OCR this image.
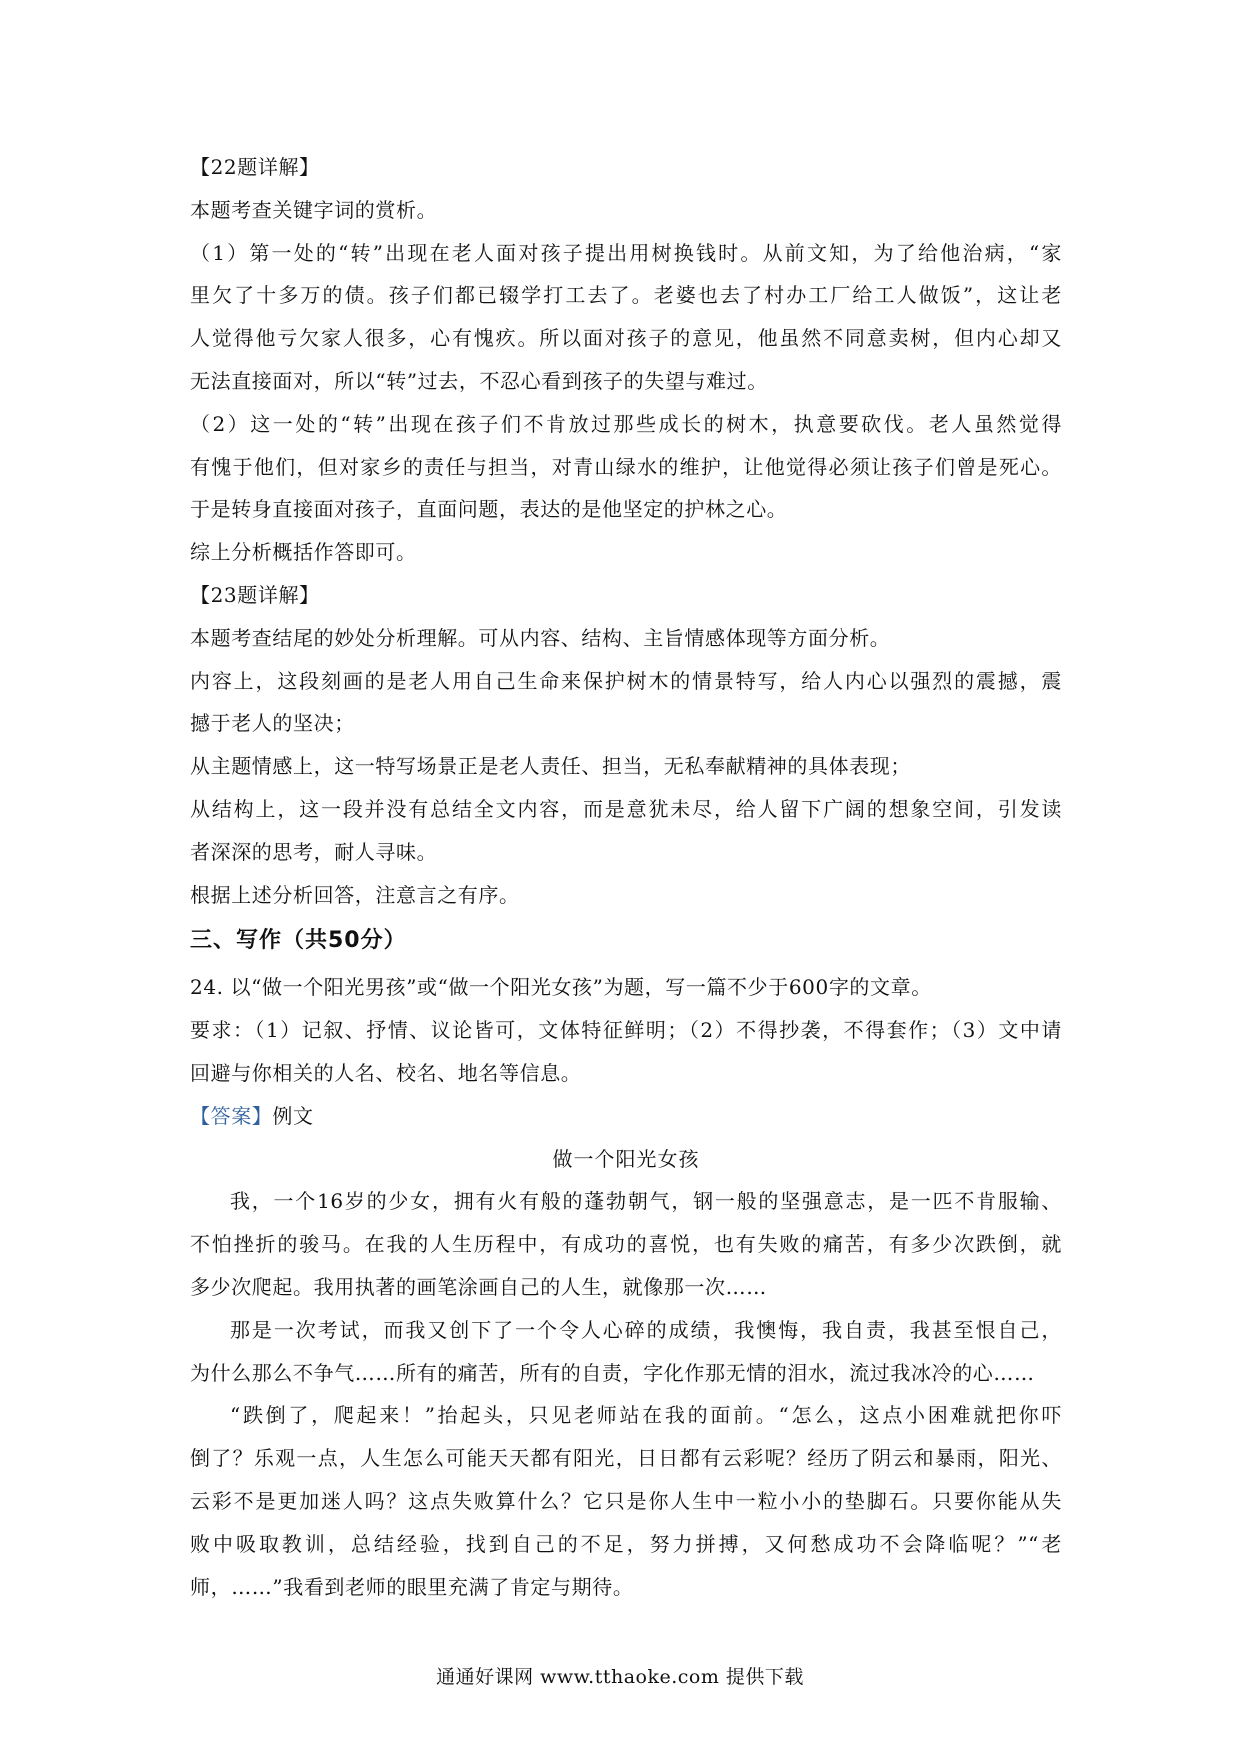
【22题详解】
本题考查关键字词的赏析。
（1）第一处的“转”出现在老人面对孩子提出用树换钱时。从前文知，为了给他治病，“家
里欠了十多万的债。孩子们都已辍学打工去了。老婆也去了村办工厂给工人做饭”，这让老
人觉得他亏欠家人很多，心有愧疚。所以面对孩子的意见，他虽然不同意卖树，但内心却又
无法直接面对，所以“转”过去，不忍心看到孩子的失望与难过。
（2）这一处的“转”出现在孩子们不肯放过那些成长的树木，执意要砍伐。老人虽然觉得
有愧于他们，但对家乡的责任与担当，对青山绿水的维护，让他觉得必须让孩子们曾是死心。
于是转身直接面对孩子，直面问题，表达的是他坚定的护林之心。
综上分析概括作答即可。
【23题详解】
本题考查结尾的妙处分析理解。可从内容、结构、主旨情感体现等方面分析。
内容上，这段刻画的是老人用自己生命来保护树木的情景特写，给人内心以强烈的震撼，震
撼于老人的坚决；
从主题情感上，这一特写场景正是老人责任、担当，无私奉献精神的具体表现；
从结构上，这一段并没有总结全文内容，而是意犹未尽，给人留下广阔的想象空间，引发读
者深深的思考，耐人寻味。
根据上述分析回答，注意言之有序。
三、写作（共50分）
24. 以“做一个阳光男孩”或“做一个阳光女孩”为题，写一篇不少于600字的文章。
要求：（1）记叙、抒情、议论皆可，文体特征鲜明；（2）不得抄袭，不得套作；（3）文中请
回避与你相关的人名、校名、地名等信息。
【答案】例文
做一个阳光女孩
我，一个16岁的少女，拥有火有般的蓬勃朝气，钢一般的坚强意志，是一匹不肯服输、
不怕挫折的骏马。在我的人生历程中，有成功的喜悦，也有失败的痛苦，有多少次跌倒，就
多少次爬起。我用执著的画笔涂画自己的人生，就像那一次……
那是一次考试，而我又创下了一个令人心碎的成绩，我懊悔，我自责，我甚至恨自己，
为什么那么不争气……所有的痛苦，所有的自责，字化作那无情的泪水，流过我冰冷的心……
“跌倒了，爬起来！”抬起头，只见老师站在我的面前。“怎么，这点小困难就把你吓
倒了？乐观一点，人生怎么可能天天都有阳光，日日都有云彩呢？经历了阴云和暴雨，阳光、
云彩不是更加迷人吗？这点失败算什么？它只是你人生中一粒小小的垫脚石。只要你能从失
败中吸取教训，总结经验，找到自己的不足，努力拼搏，又何愁成功不会降临呢？”“老
师，……”我看到老师的眼里充满了肯定与期待。
通通好课网 www.tthaoke.com 提供下载
